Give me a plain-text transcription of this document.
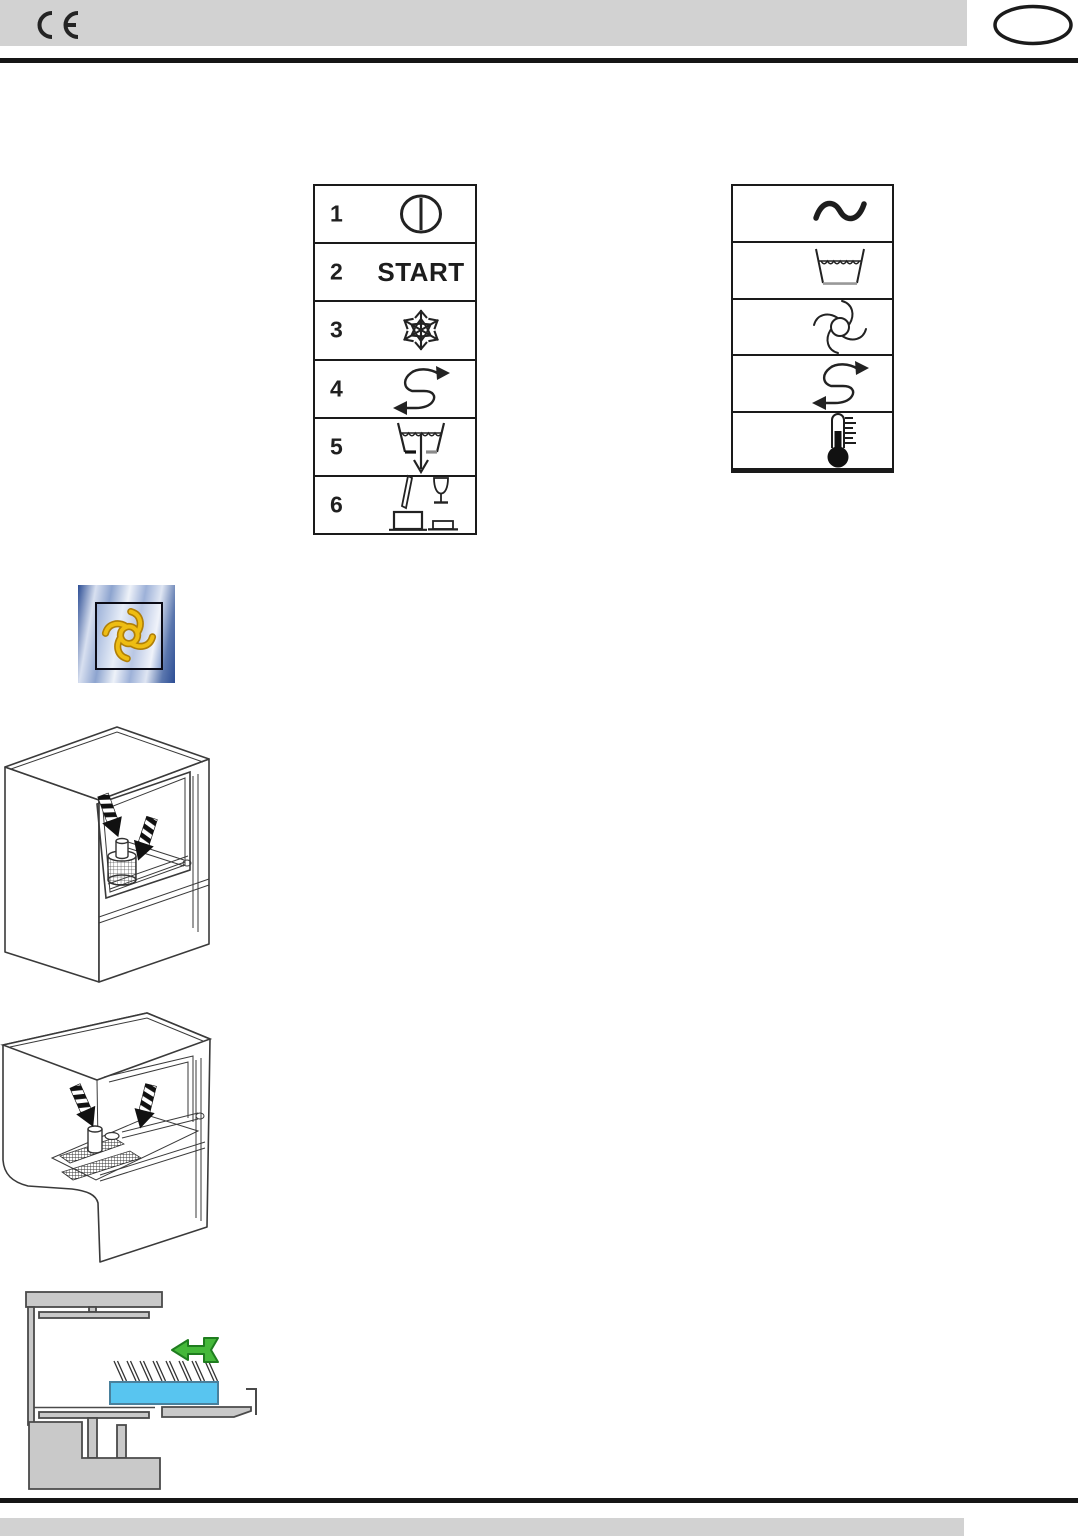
1
2 START
3
4
5
6
